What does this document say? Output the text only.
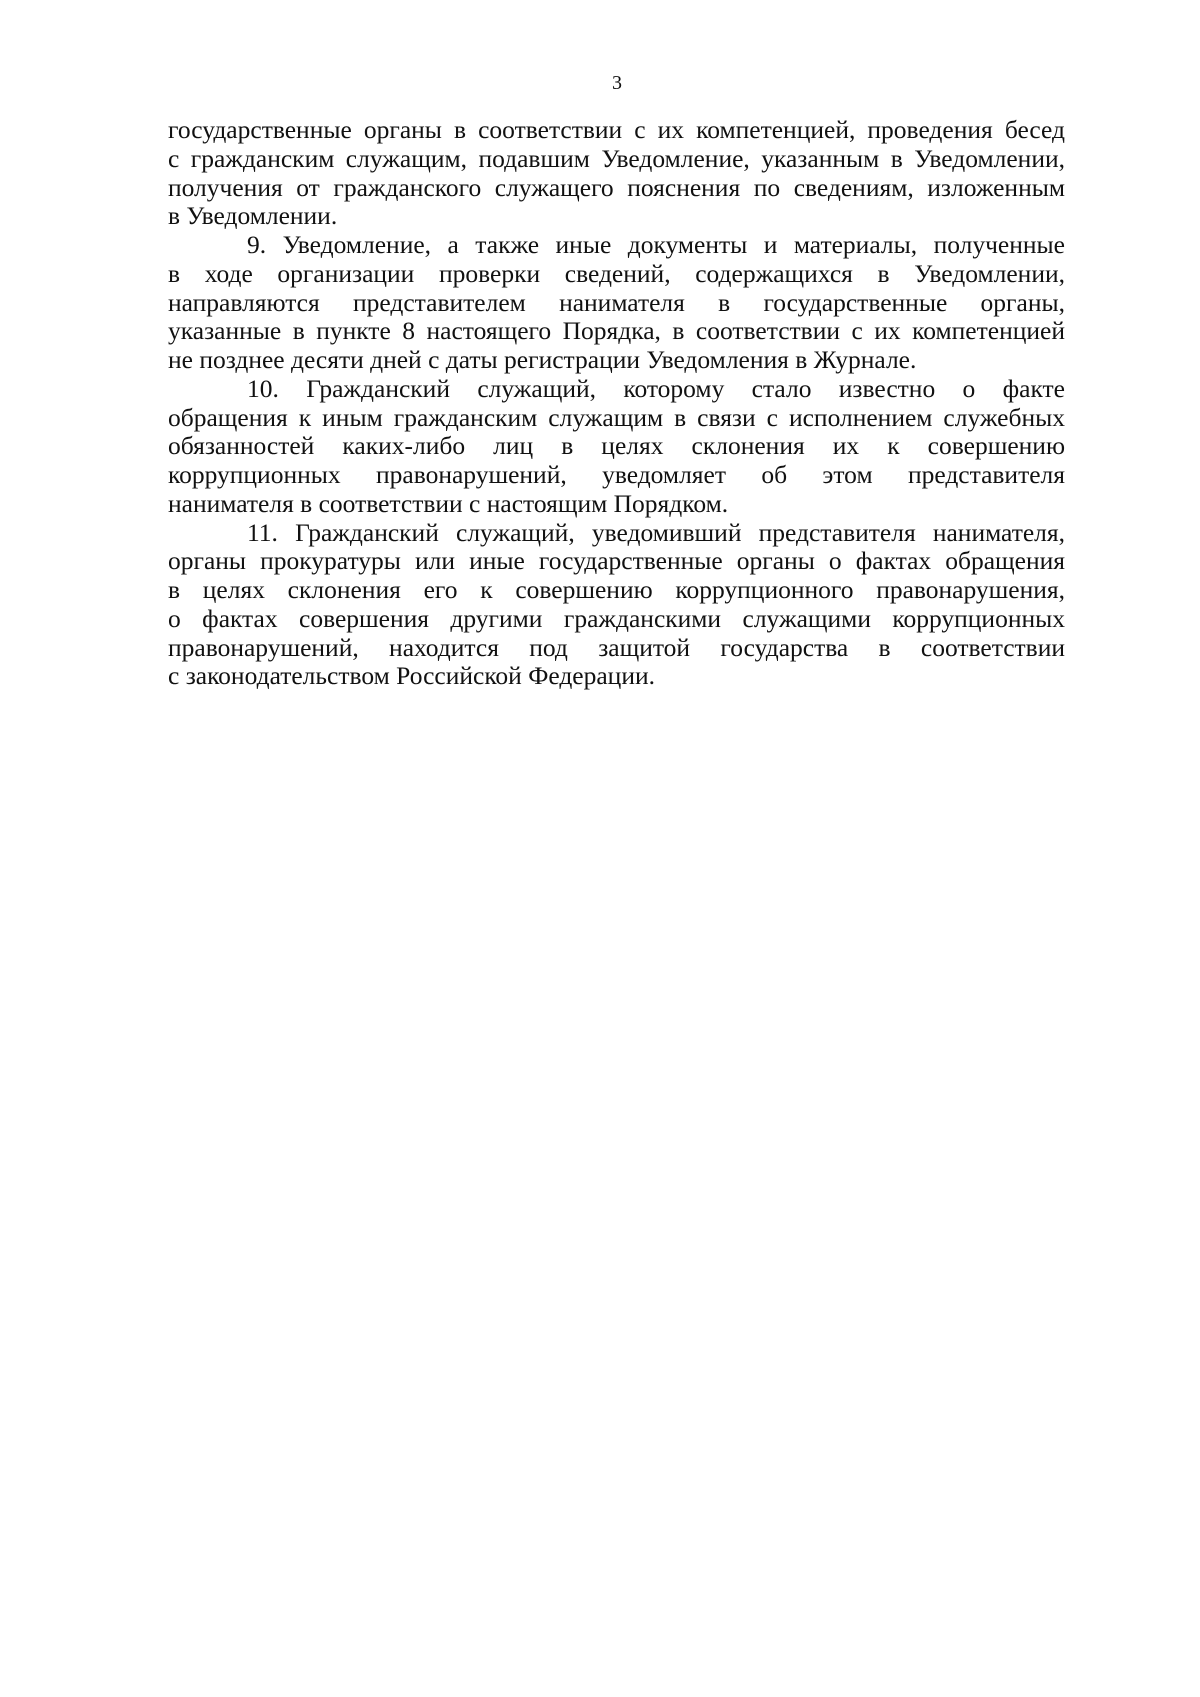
3
государственные органы в соответствии с их компетенцией, проведения бесед
с гражданским служащим, подавшим Уведомление, указанным в Уведомлении,
получения от гражданского служащего пояснения по сведениям, изложенным
в Уведомлении.
9. Уведомление, а также иные документы и материалы, полученные
в ходе организации проверки сведений, содержащихся в Уведомлении,
направляются представителем нанимателя в государственные органы,
указанные в пункте 8 настоящего Порядка, в соответствии с их компетенцией
не позднее десяти дней с даты регистрации Уведомления в Журнале.
10. Гражданский служащий, которому стало известно о факте
обращения к иным гражданским служащим в связи с исполнением служебных
обязанностей каких-либо лиц в целях склонения их к совершению
коррупционных правонарушений, уведомляет об этом представителя
нанимателя в соответствии с настоящим Порядком.
11. Гражданский служащий, уведомивший представителя нанимателя,
органы прокуратуры или иные государственные органы о фактах обращения
в целях склонения его к совершению коррупционного правонарушения,
о фактах совершения другими гражданскими служащими коррупционных
правонарушений, находится под защитой государства в соответствии
с законодательством Российской Федерации.
